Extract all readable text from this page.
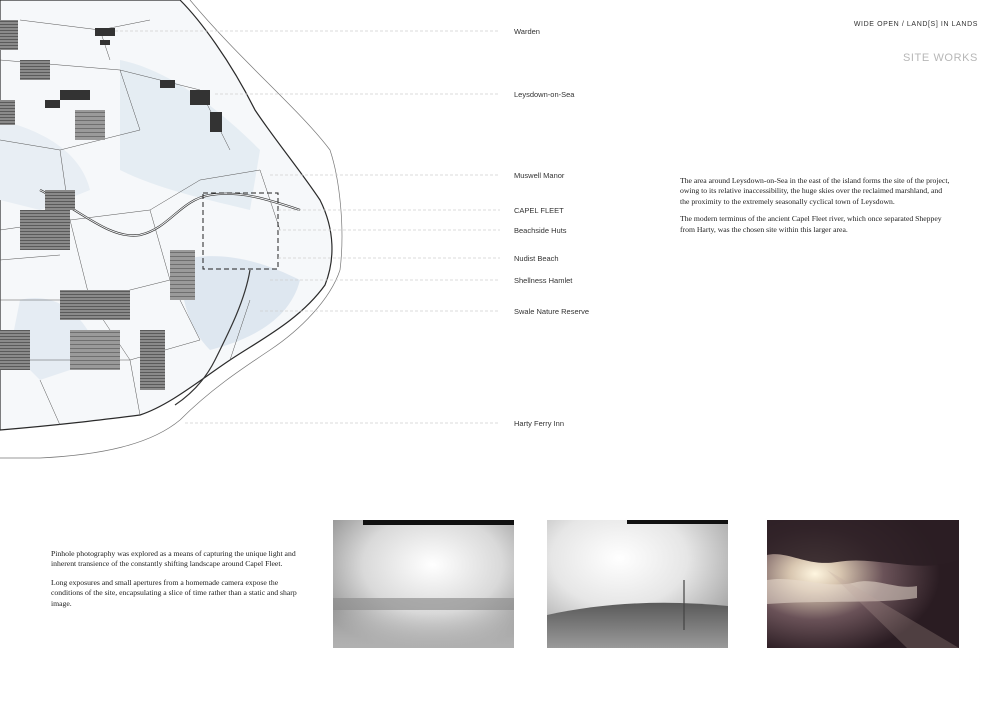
WIDE OPEN / LAND[S] IN LANDS
SITE WORKS
Warden
Leysdown-on-Sea
Muswell Manor
CAPEL FLEET
Beachside Huts
Nudist Beach
Shellness Hamlet
Swale Nature Reserve
Harty Ferry Inn

The area around Leysdown-on-Sea in the east of the island forms the site of the project, owing to its relative inaccessibility, the huge skies over the reclaimed marshland, and the proximity to the extremely seasonally cyclical town of Leysdown.

The modern terminus of the ancient Capel Fleet river, which once separated Sheppey from Harty, was the chosen site within this larger area.

Pinhole photography was explored as a means of capturing the unique light and inherent transience of the constantly shifting landscape around Capel Fleet.

Long exposures and small apertures from a homemade camera expose the conditions of the site, encapsulating a slice of time rather than a static and sharp image.
